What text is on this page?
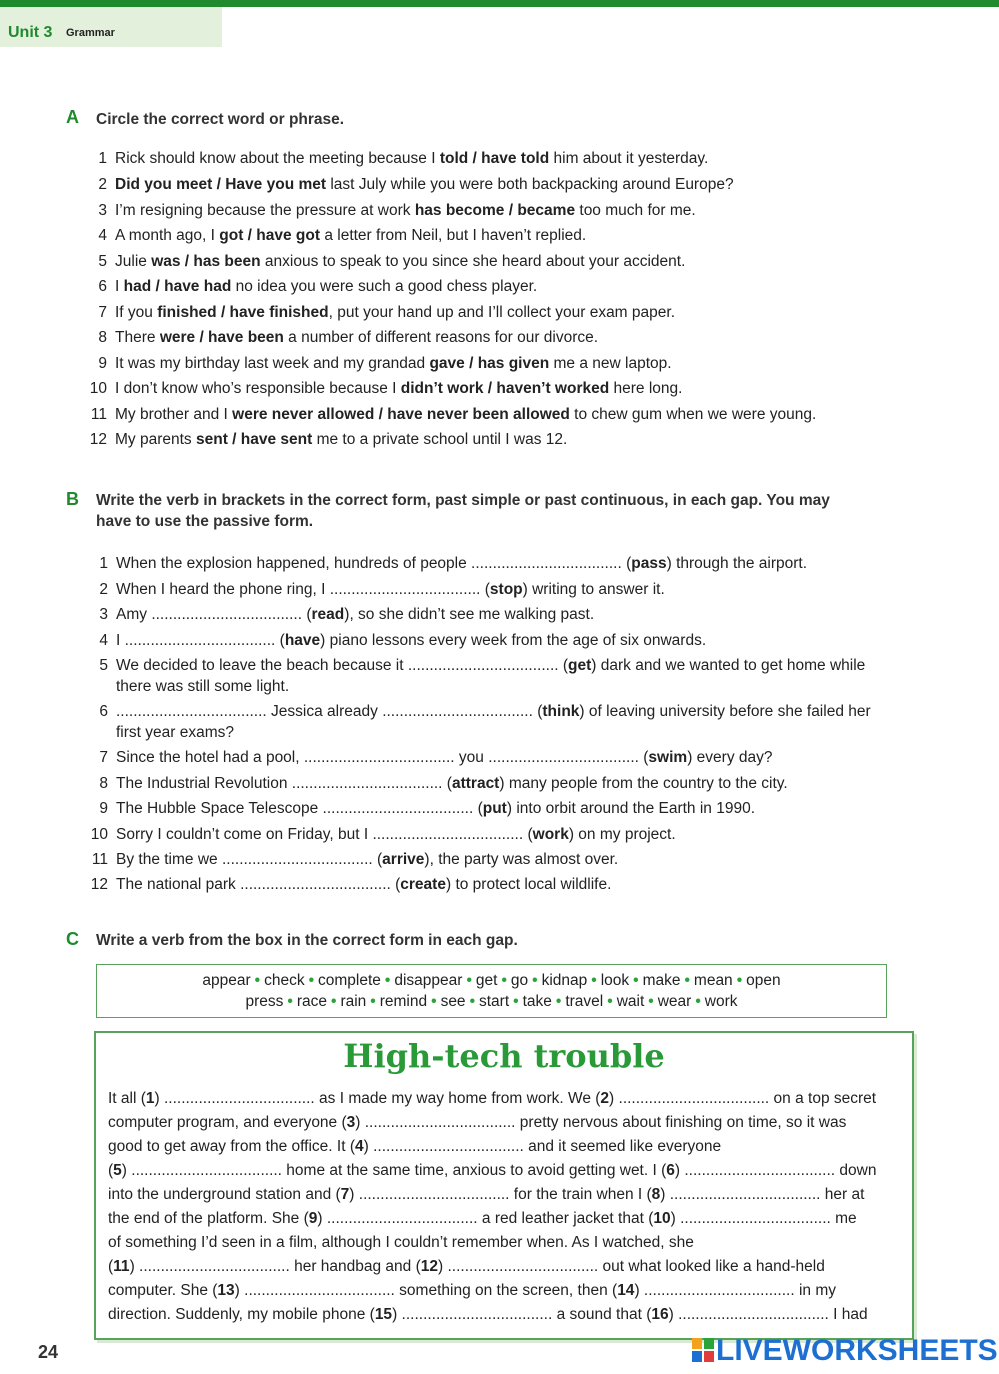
Unit 3 Grammar
A Circle the correct word or phrase.
1 Rick should know about the meeting because I told / have told him about it yesterday.
2 Did you meet / Have you met last July while you were both backpacking around Europe?
3 I’m resigning because the pressure at work has become / became too much for me.
4 A month ago, I got / have got a letter from Neil, but I haven’t replied.
5 Julie was / has been anxious to speak to you since she heard about your accident.
6 I had / have had no idea you were such a good chess player.
7 If you finished / have finished, put your hand up and I’ll collect your exam paper.
8 There were / have been a number of different reasons for our divorce.
9 It was my birthday last week and my grandad gave / has given me a new laptop.
10 I don’t know who’s responsible because I didn’t work / haven’t worked here long.
11 My brother and I were never allowed / have never been allowed to chew gum when we were young.
12 My parents sent / have sent me to a private school until I was 12.
B Write the verb in brackets in the correct form, past simple or past continuous, in each gap. You may
have to use the passive form.
1 When the explosion happened, hundreds of people ................................... (pass) through the airport.
2 When I heard the phone ring, I ................................... (stop) writing to answer it.
3 Amy ................................... (read), so she didn’t see me walking past.
4 I ................................... (have) piano lessons every week from the age of six onwards.
5 We decided to leave the beach because it ................................... (get) dark and we wanted to get home while
there was still some light.
6 ................................... Jessica already ................................... (think) of leaving university before she failed her
first year exams?
7 Since the hotel had a pool, ................................... you ................................... (swim) every day?
8 The Industrial Revolution ................................... (attract) many people from the country to the city.
9 The Hubble Space Telescope ................................... (put) into orbit around the Earth in 1990.
10 Sorry I couldn’t come on Friday, but I ................................... (work) on my project.
11 By the time we ................................... (arrive), the party was almost over.
12 The national park ................................... (create) to protect local wildlife.
C Write a verb from the box in the correct form in each gap.
appear • check • complete • disappear • get • go • kidnap • look • make • mean • open
press • race • rain • remind • see • start • take • travel • wait • wear • work
High-tech trouble
It all (1) ................................... as I made my way home from work. We (2) ................................... on a top secret
computer program, and everyone (3) ................................... pretty nervous about finishing on time, so it was
good to get away from the office. It (4) ................................... and it seemed like everyone
(5) ................................... home at the same time, anxious to avoid getting wet. I (6) ................................... down
into the underground station and (7) ................................... for the train when I (8) ................................... her at
the end of the platform. She (9) ................................... a red leather jacket that (10) ................................... me
of something I’d seen in a film, although I couldn’t remember when. As I watched, she
(11) ................................... her handbag and (12) ................................... out what looked like a hand-held
computer. She (13) ................................... something on the screen, then (14) ................................... in my
direction. Suddenly, my mobile phone (15) ................................... a sound that (16) ................................... I had
24	LIVEWORKSHEETS
